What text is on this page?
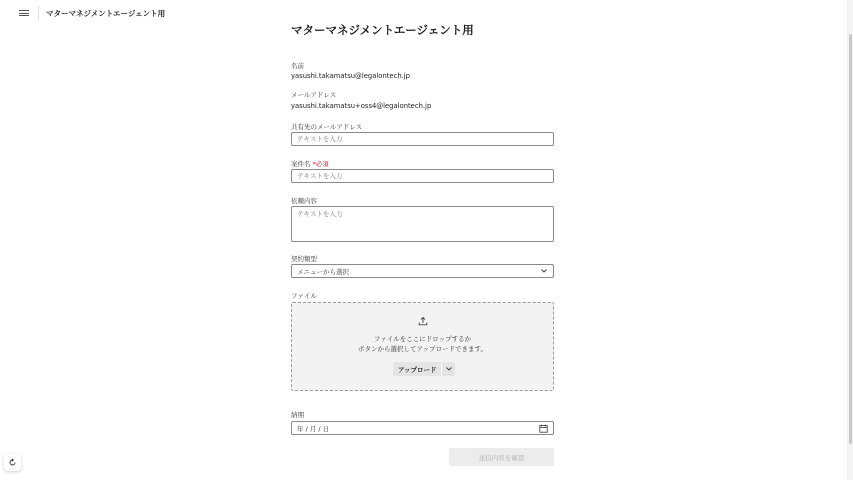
マターマネジメントエージェント用
マターマネジメントエージェント用
名前
yasushi.takamatsu@legalontech.jp
メールアドレス
yasushi.takamatsu+oss4@legalontech.jp
共有先のメールアドレス
テキストを入力
案件名 *必須
テキストを入力
依頼内容
テキストを入力
契約類型
メニューから選択
ファイル
ファイルをここにドロップするか
ボタンから選択してアップロードできます。
アップロード
納期
年 / 月 / 日
送信内容を確認
